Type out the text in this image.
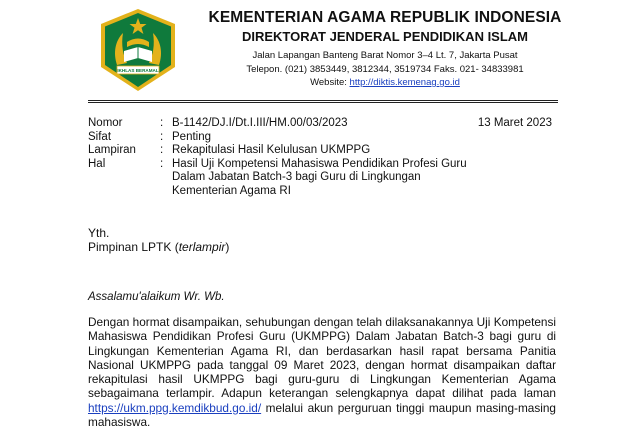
IKHLAS BERAMAL
KEMENTERIAN AGAMA REPUBLIK INDONESIA
DIREKTORAT JENDERAL PENDIDIKAN ISLAM
Jalan Lapangan Banteng Barat Nomor 3–4 Lt. 7, Jakarta Pusat
Telepon. (021) 3853449, 3812344, 3519734 Faks. 021- 34833981
Website: http://diktis.kemenag.go.id
13 Maret 2023
Nomor	: B-1142/DJ.I/Dt.I.III/HM.00/03/2023
Sifat	: Penting
Lampiran	: Rekapitulasi Hasil Kelulusan UKMPPG
Hal	: Hasil Uji Kompetensi Mahasiswa Pendidikan Profesi Guru
Dalam Jabatan Batch-3 bagi Guru di Lingkungan
Kementerian Agama RI
Yth.
Pimpinan LPTK (terlampir)
Assalamu'alaikum Wr. Wb.

Dengan hormat disampaikan, sehubungan dengan telah dilaksanakannya Uji Kompetensi Mahasiswa Pendidikan Profesi Guru (UKMPPG) Dalam Jabatan Batch-3 bagi guru di Lingkungan Kementerian Agama RI, dan berdasarkan hasil rapat bersama Panitia Nasional UKMPPG pada tanggal 09 Maret 2023, dengan hormat disampaikan daftar rekapitulasi hasil UKMPPG bagi guru-guru di Lingkungan Kementerian Agama sebagaimana terlampir. Adapun keterangan selengkapnya dapat dilihat pada laman https://ukm.ppg.kemdikbud.go.id/ melalui akun perguruan tinggi maupun masing-masing mahasiswa.
